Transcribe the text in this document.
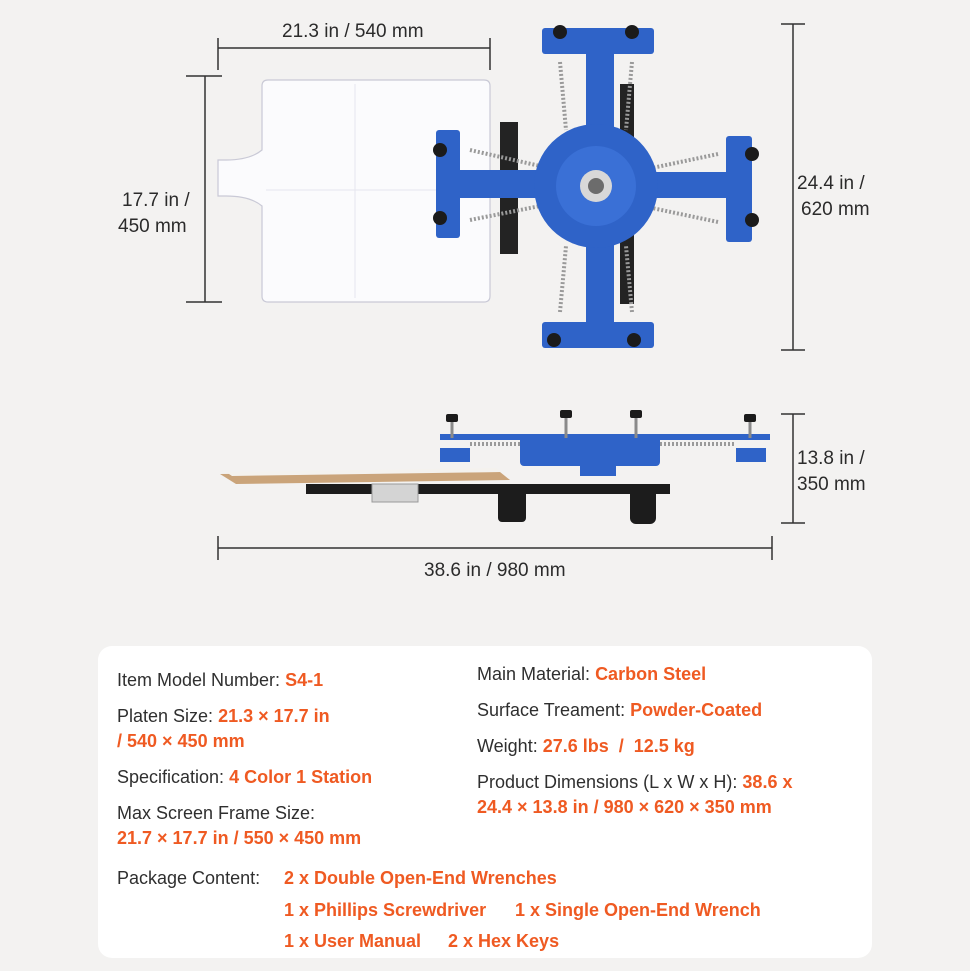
21.3 in / 540 mm
17.7 in /
450 mm
24.4 in /
620 mm
13.8 in /
350 mm
38.6 in / 980 mm
Item Model Number: S4-1
Platen Size: 21.3 × 17.7 in
/ 540 × 450 mm
Specification: 4 Color 1 Station
Max Screen Frame Size:
21.7 × 17.7 in / 550 × 450 mm
Main Material: Carbon Steel
Surface Treament: Powder-Coated
Weight: 27.6 lbs  /  12.5 kg
Product Dimensions (L x W x H): 38.6 x
24.4 × 13.8 in / 980 × 620 × 350 mm
Package Content: 2 x Double Open-End Wrenches
1 x Phillips Screwdriver 1 x Single Open-End Wrench
1 x User Manual 2 x Hex Keys
